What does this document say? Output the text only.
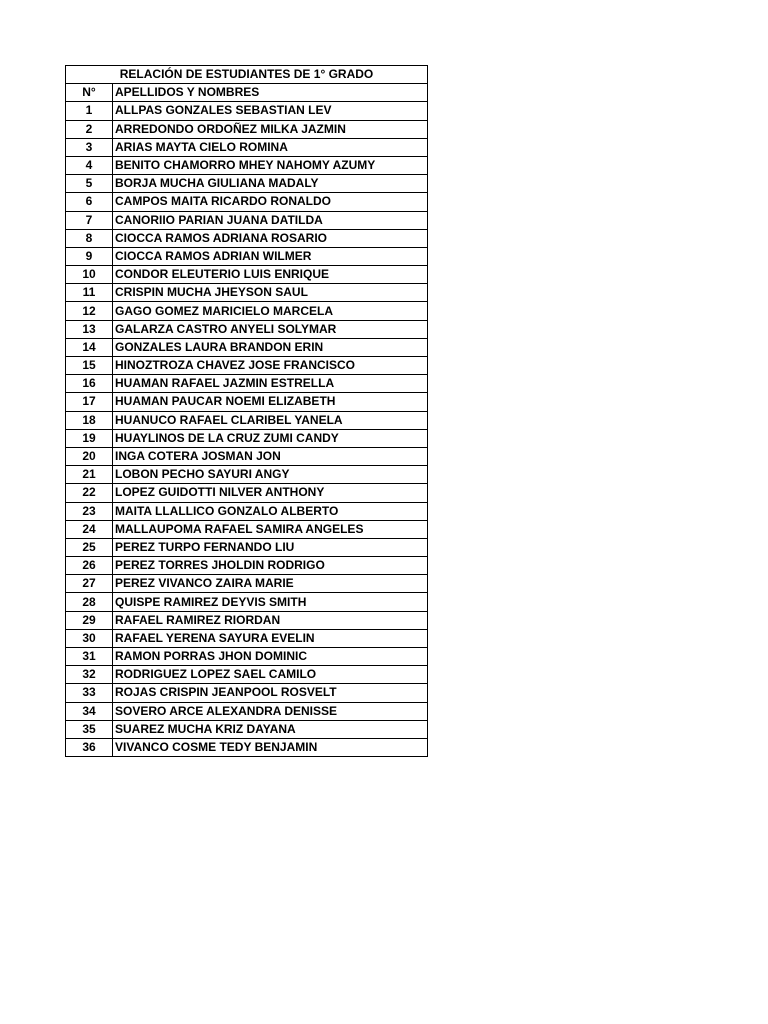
RELACIÓN DE ESTUDIANTES DE 1° GRADO	
N°	APELLIDOS Y NOMBRES
1	ALLPAS GONZALES SEBASTIAN LEV
2	ARREDONDO ORDOÑEZ MILKA JAZMIN
3	ARIAS MAYTA CIELO ROMINA
4	BENITO CHAMORRO MHEY NAHOMY AZUMY
5	BORJA MUCHA GIULIANA MADALY
6	CAMPOS MAITA RICARDO RONALDO
7	CANORIIO PARIAN JUANA DATILDA
8	CIOCCA RAMOS ADRIANA ROSARIO
9	CIOCCA RAMOS ADRIAN WILMER
10	CONDOR ELEUTERIO LUIS ENRIQUE
11	CRISPIN MUCHA JHEYSON SAUL
12	GAGO GOMEZ MARICIELO MARCELA
13	GALARZA CASTRO ANYELI SOLYMAR
14	GONZALES LAURA BRANDON ERIN
15	HINOZTROZA CHAVEZ JOSE FRANCISCO
16	HUAMAN RAFAEL JAZMIN ESTRELLA
17	HUAMAN PAUCAR NOEMI ELIZABETH
18	HUANUCO RAFAEL CLARIBEL YANELA
19	HUAYLINOS DE LA CRUZ ZUMI CANDY
20	INGA COTERA JOSMAN JON
21	LOBON PECHO SAYURI ANGY
22	LOPEZ GUIDOTTI NILVER ANTHONY
23	MAITA LLALLICO GONZALO ALBERTO
24	MALLAUPOMA RAFAEL SAMIRA ANGELES
25	PEREZ TURPO FERNANDO LIU
26	PEREZ TORRES JHOLDIN RODRIGO
27	PEREZ VIVANCO ZAIRA MARIE
28	QUISPE RAMIREZ DEYVIS SMITH
29	RAFAEL RAMIREZ RIORDAN
30	RAFAEL YERENA SAYURA EVELIN
31	RAMON PORRAS JHON DOMINIC
32	RODRIGUEZ LOPEZ SAEL CAMILO
33	ROJAS CRISPIN JEANPOOL ROSVELT
34	SOVERO ARCE ALEXANDRA DENISSE
35	SUAREZ MUCHA KRIZ DAYANA
36	VIVANCO COSME TEDY BENJAMIN
